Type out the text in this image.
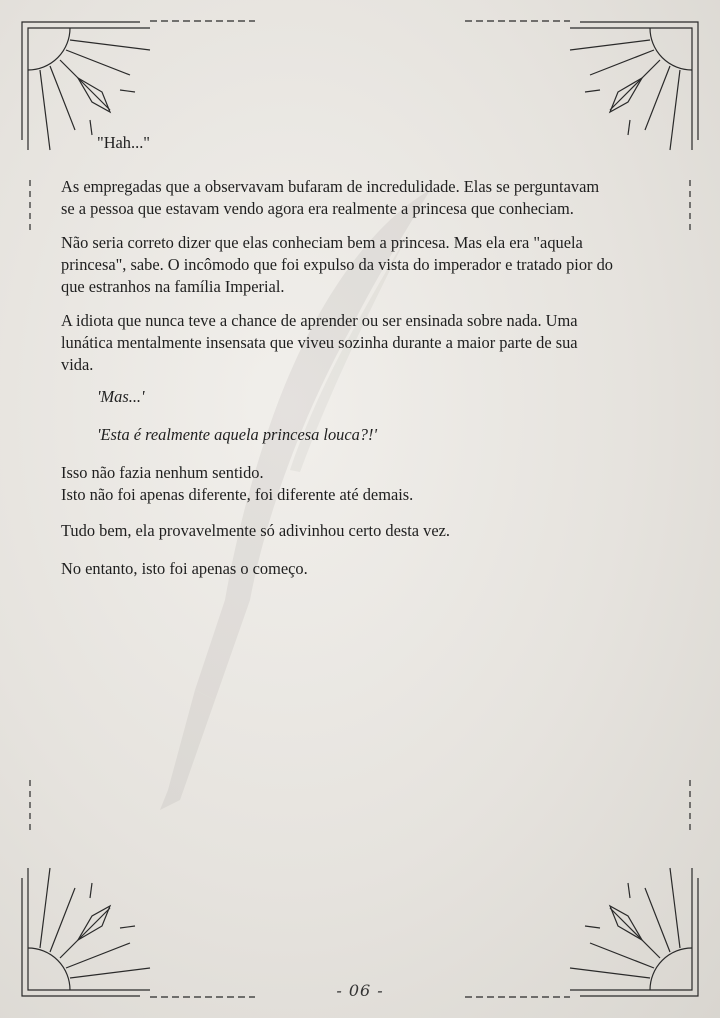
"Hah..."

As empregadas que a observavam bufaram de incredulidade. Elas se perguntavam
se a pessoa que estavam vendo agora era realmente a princesa que conheciam.

Não seria correto dizer que elas conheciam bem a princesa. Mas ela era "aquela
princesa", sabe. O incômodo que foi expulso da vista do imperador e tratado pior do
que estranhos na família Imperial.

A idiota que nunca teve a chance de aprender ou ser ensinada sobre nada. Uma
lunática mentalmente insensata que viveu sozinha durante a maior parte de sua
vida.

'Mas...'

'Esta é realmente aquela princesa louca?!'

Isso não fazia nenhum sentido.
Isto não foi apenas diferente, foi diferente até demais.

Tudo bem, ela provavelmente só adivinhou certo desta vez.

No entanto, isto foi apenas o começo.

- 06 -
